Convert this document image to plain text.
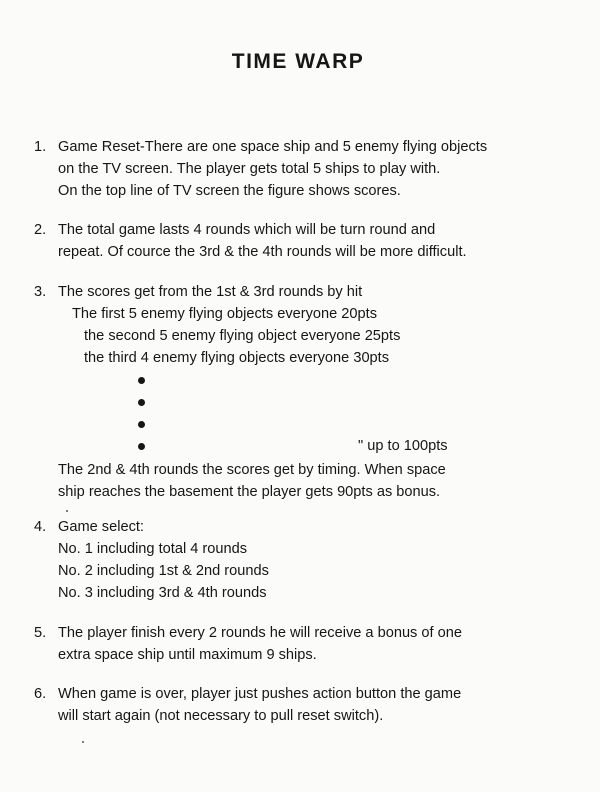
TIME WARP
1. Game Reset-There are one space ship and 5 enemy flying objects
on the TV screen. The player gets total 5 ships to play with.
On the top line of TV screen the figure shows scores.
2. The total game lasts 4 rounds which will be turn round and
repeat. Of cource the 3rd & the 4th rounds will be more difficult.
3. The scores get from the 1st & 3rd rounds by hit
The first 5 enemy flying objects everyone 20pts
the second 5 enemy flying object everyone 25pts
the third 4 enemy flying objects everyone 30pts
" up to 100pts
The 2nd & 4th rounds the scores get by timing. When space
ship reaches the basement the player gets 90pts as bonus.
4. Game select:
No. 1 including total 4 rounds
No. 2 including 1st & 2nd rounds
No. 3 including 3rd & 4th rounds
5. The player finish every 2 rounds he will receive a bonus of one
extra space ship until maximum 9 ships.
6. When game is over, player just pushes action button the game
will start again (not necessary to pull reset switch).
